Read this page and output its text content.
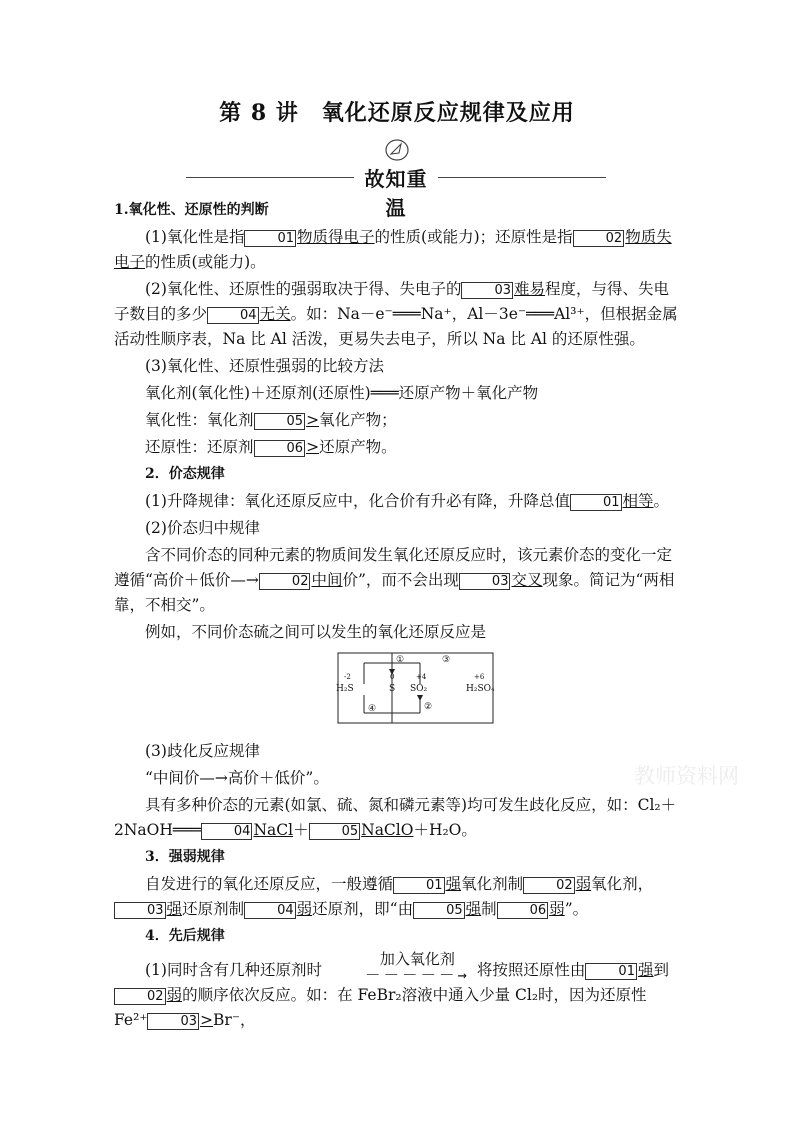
第 8 讲　氧化还原反应规律及应用
故知重温
1.氧化性、还原性的判断
(1)氧化性是指	01 物质得电子的性质(或能力)；还原性是指	02 物质失电子的性质(或能力)。
(2)氧化性、还原性的强弱取决于得、失电子的	03 难易程度，与得、失电子数目的多少	04 无关。如：Na－e⁻═══Na⁺，Al－3e⁻═══Al³⁺，但根据金属活动性顺序表，Na 比 Al 活泼，更易失去电子，所以 Na 比 Al 的还原性强。
(3)氧化性、还原性强弱的比较方法
氧化剂(氧化性)＋还原剂(还原性)═══还原产物＋氧化产物
氧化性：氧化剂	05 >氧化产物；
还原性：还原剂	06 >还原产物。
2．价态规律
(1)升降规律：氧化还原反应中，化合价有升必有降，升降总值	01 相等。
(2)价态归中规律
含不同价态的同种元素的物质间发生氧化还原反应时，该元素价态的变化一定遵循“高价＋低价—→	02 中间价”，而不会出现	03 交叉现象。简记为“两相靠，不相交”。
例如，不同价态硫之间可以发生的氧化还原反应是
①
②
③
④
-2	0	+4	+6
H₂S	S SO₂	H₂SO₄
(3)歧化反应规律
“中间价—→高价＋低价”。
具有多种价态的元素(如氯、硫、氮和磷元素等)均可发生歧化反应，如：Cl₂＋2NaOH═══	04 NaCl＋	05 NaClO＋H₂O。
3．强弱规律
自发进行的氧化还原反应，一般遵循	01 强氧化剂制	02 弱氧化剂，03 强还原剂制	04 弱还原剂，即“由	05 强制	06 弱”。
4．先后规律
(1)同时含有几种还原剂时
加入氧化剂
－－－－－→ 将按照还原性由	01 强到02 弱的顺序依次反应。如：在 FeBr₂溶液中通入少量 Cl₂时，因为还原性 Fe²⁺	03 >Br⁻，
教师资料网
